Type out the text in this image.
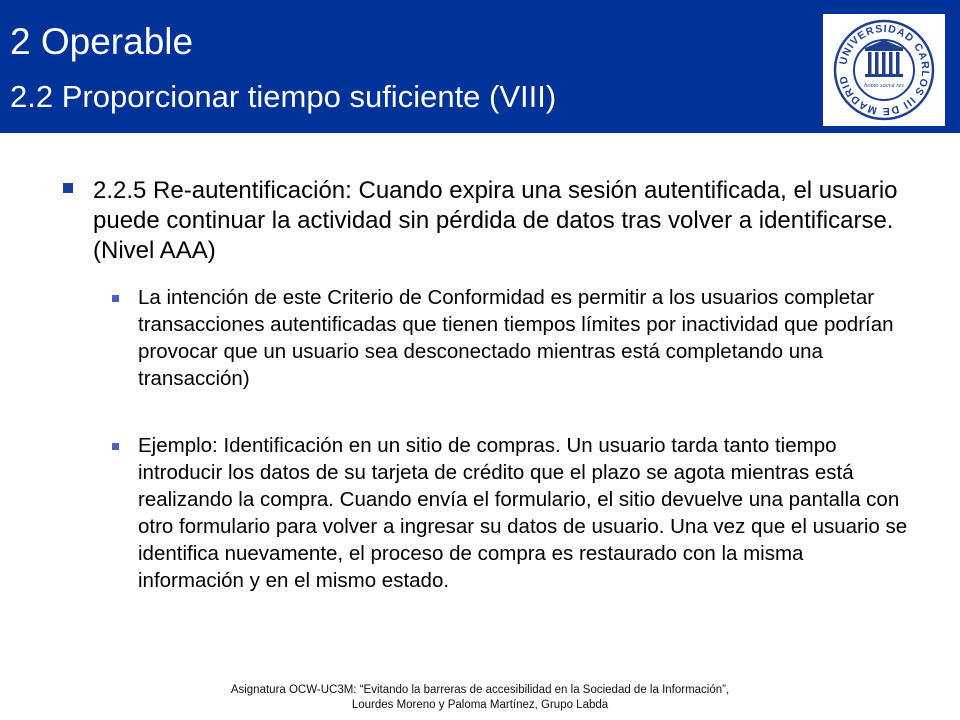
2 Operable
2.2 Proporcionar tiempo suficiente (VIII)
UNIVERSIDAD CARLOS III DE MADRID
homo sacra res
2.2.5 Re-autentificación: Cuando expira una sesión autentificada, el usuario puede continuar la actividad sin pérdida de datos tras volver a identificarse. (Nivel AAA)
La intención de este Criterio de Conformidad es permitir a los usuarios completar transacciones autentificadas que tienen tiempos límites por inactividad que podrían provocar que un usuario sea desconectado mientras está completando una transacción)
Ejemplo: Identificación en un sitio de compras. Un usuario tarda tanto tiempo introducir los datos de su tarjeta de crédito que el plazo se agota mientras está realizando la compra. Cuando envía el formulario, el sitio devuelve una pantalla con otro formulario para volver a ingresar su datos de usuario. Una vez que el usuario se identifica nuevamente, el proceso de compra es restaurado con la misma información y en el mismo estado.
Asignatura OCW-UC3M: “Evitando la barreras de accesibilidad en la Sociedad de la Información”,
Lourdes Moreno y Paloma Martínez, Grupo Labda
